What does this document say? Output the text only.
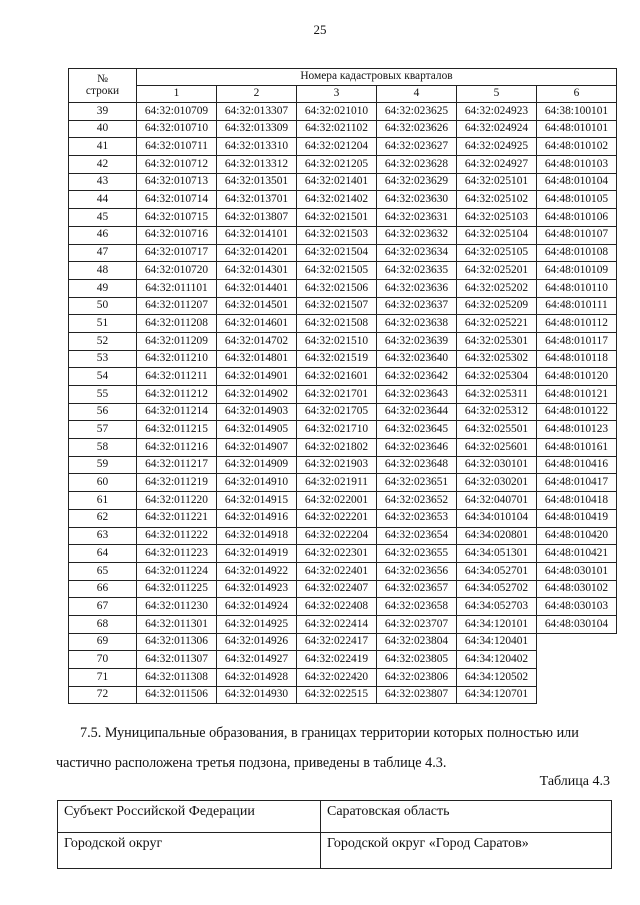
25
№
строки	Номера кадастровых кварталов					
	1	2	3	4	5	6
39	64:32:010709	64:32:013307	64:32:021010	64:32:023625	64:32:024923	64:38:100101
40	64:32:010710	64:32:013309	64:32:021102	64:32:023626	64:32:024924	64:48:010101
41	64:32:010711	64:32:013310	64:32:021204	64:32:023627	64:32:024925	64:48:010102
42	64:32:010712	64:32:013312	64:32:021205	64:32:023628	64:32:024927	64:48:010103
43	64:32:010713	64:32:013501	64:32:021401	64:32:023629	64:32:025101	64:48:010104
44	64:32:010714	64:32:013701	64:32:021402	64:32:023630	64:32:025102	64:48:010105
45	64:32:010715	64:32:013807	64:32:021501	64:32:023631	64:32:025103	64:48:010106
46	64:32:010716	64:32:014101	64:32:021503	64:32:023632	64:32:025104	64:48:010107
47	64:32:010717	64:32:014201	64:32:021504	64:32:023634	64:32:025105	64:48:010108
48	64:32:010720	64:32:014301	64:32:021505	64:32:023635	64:32:025201	64:48:010109
49	64:32:011101	64:32:014401	64:32:021506	64:32:023636	64:32:025202	64:48:010110
50	64:32:011207	64:32:014501	64:32:021507	64:32:023637	64:32:025209	64:48:010111
51	64:32:011208	64:32:014601	64:32:021508	64:32:023638	64:32:025221	64:48:010112
52	64:32:011209	64:32:014702	64:32:021510	64:32:023639	64:32:025301	64:48:010117
53	64:32:011210	64:32:014801	64:32:021519	64:32:023640	64:32:025302	64:48:010118
54	64:32:011211	64:32:014901	64:32:021601	64:32:023642	64:32:025304	64:48:010120
55	64:32:011212	64:32:014902	64:32:021701	64:32:023643	64:32:025311	64:48:010121
56	64:32:011214	64:32:014903	64:32:021705	64:32:023644	64:32:025312	64:48:010122
57	64:32:011215	64:32:014905	64:32:021710	64:32:023645	64:32:025501	64:48:010123
58	64:32:011216	64:32:014907	64:32:021802	64:32:023646	64:32:025601	64:48:010161
59	64:32:011217	64:32:014909	64:32:021903	64:32:023648	64:32:030101	64:48:010416
60	64:32:011219	64:32:014910	64:32:021911	64:32:023651	64:32:030201	64:48:010417
61	64:32:011220	64:32:014915	64:32:022001	64:32:023652	64:32:040701	64:48:010418
62	64:32:011221	64:32:014916	64:32:022201	64:32:023653	64:34:010104	64:48:010419
63	64:32:011222	64:32:014918	64:32:022204	64:32:023654	64:34:020801	64:48:010420
64	64:32:011223	64:32:014919	64:32:022301	64:32:023655	64:34:051301	64:48:010421
65	64:32:011224	64:32:014922	64:32:022401	64:32:023656	64:34:052701	64:48:030101
66	64:32:011225	64:32:014923	64:32:022407	64:32:023657	64:34:052702	64:48:030102
67	64:32:011230	64:32:014924	64:32:022408	64:32:023658	64:34:052703	64:48:030103
68	64:32:011301	64:32:014925	64:32:022414	64:32:023707	64:34:120101	64:48:030104
69	64:32:011306	64:32:014926	64:32:022417	64:32:023804	64:34:120401	
70	64:32:011307	64:32:014927	64:32:022419	64:32:023805	64:34:120402	
71	64:32:011308	64:32:014928	64:32:022420	64:32:023806	64:34:120502	
72	64:32:011506	64:32:014930	64:32:022515	64:32:023807	64:34:120701	
7.5. Муниципальные образования, в границах территории которых полностью или
частично расположена третья подзона, приведены в таблице 4.3.
Таблица 4.3
Субъект Российской Федерации	Саратовская область
Городской округ	Городской округ «Город Саратов»
